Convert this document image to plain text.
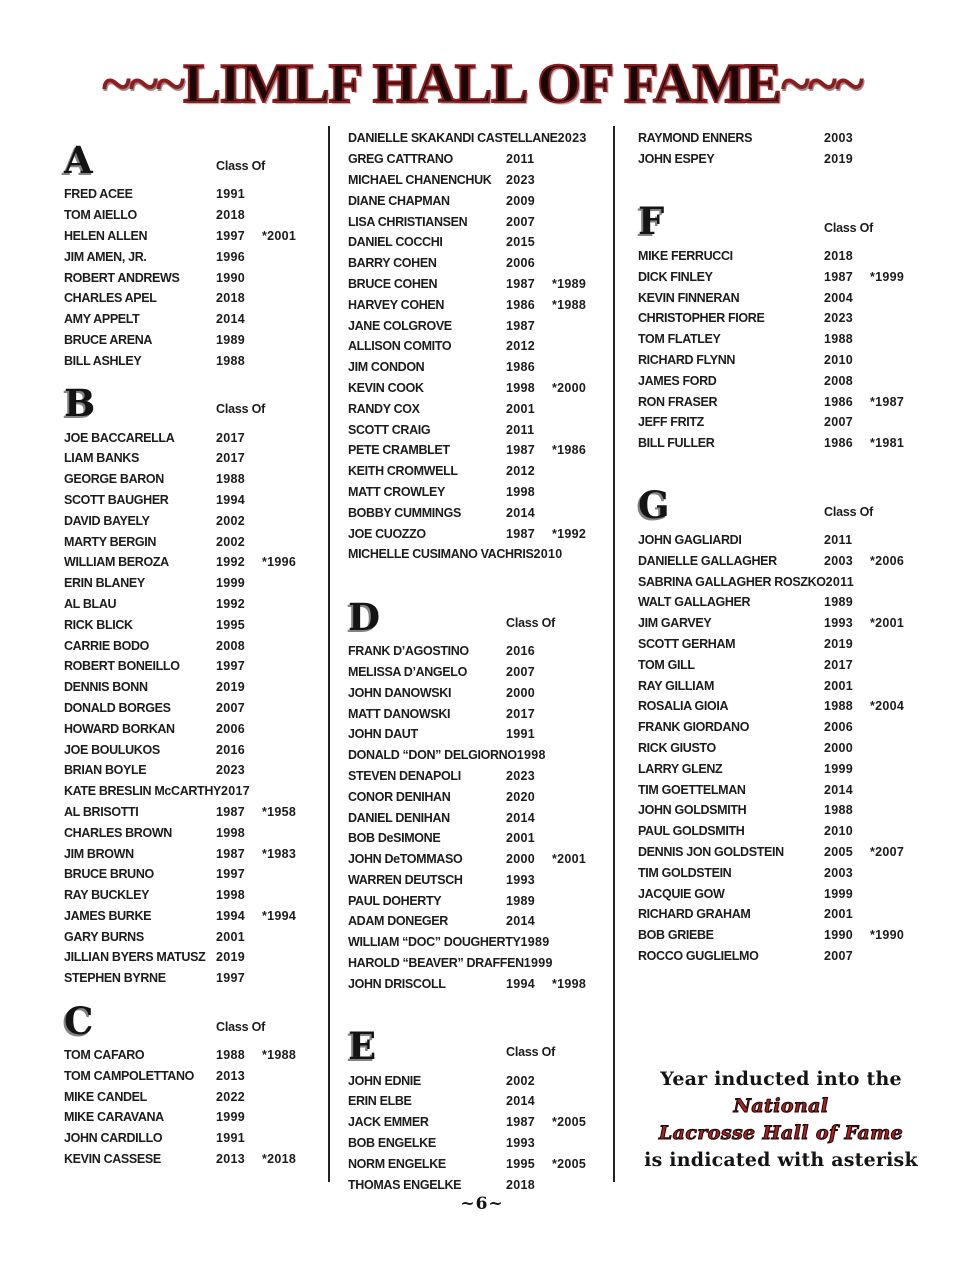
~~~LIMLF HALL OF FAME~~~
A	Class Of
FRED ACEE	1991
TOM AIELLO	2018
HELEN ALLEN	1997	*2001
JIM AMEN, JR.	1996
ROBERT ANDREWS	1990
CHARLES APEL	2018
AMY APPELT	2014
BRUCE ARENA	1989
BILL ASHLEY	1988
B	Class Of
JOE BACCARELLA	2017
LIAM BANKS	2017
GEORGE BARON	1988
SCOTT BAUGHER	1994
DAVID BAYELY	2002
MARTY BERGIN	2002
WILLIAM BEROZA	1992	*1996
ERIN BLANEY	1999
AL BLAU	1992
RICK BLICK	1995
CARRIE BODO	2008
ROBERT BONEILLO	1997
DENNIS BONN	2019
DONALD BORGES	2007
HOWARD BORKAN	2006
JOE BOULUKOS	2016
BRIAN BOYLE	2023
KATE BRESLIN McCARTHY 2017
AL BRISOTTI	1987	*1958
CHARLES BROWN	1998
JIM BROWN	1987	*1983
BRUCE BRUNO	1997
RAY BUCKLEY	1998
JAMES BURKE	1994	*1994
GARY BURNS	2001
JILLIAN BYERS MATUSZ 2019
STEPHEN BYRNE	1997
C	Class Of
TOM CAFARO	1988	*1988
TOM CAMPOLETTANO	2013
MIKE CANDEL	2022
MIKE CARAVANA	1999
JOHN CARDILLO	1991
KEVIN CASSESE	2013	*2018
DANIELLE SKAKANDI CASTELLANE 2023
GREG CATTRANO	2011
MICHAEL CHANENCHUK	2023
DIANE CHAPMAN	2009
LISA CHRISTIANSEN	2007
DANIEL COCCHI	2015
BARRY COHEN	2006
BRUCE COHEN	1987	*1989
HARVEY COHEN	1986	*1988
JANE COLGROVE	1987
ALLISON COMITO	2012
JIM CONDON	1986
KEVIN COOK	1998	*2000
RANDY COX	2001
SCOTT CRAIG	2011
PETE CRAMBLET	1987	*1986
KEITH CROMWELL	2012
MATT CROWLEY	1998
BOBBY CUMMINGS	2014
JOE CUOZZO	1987	*1992
MICHELLE CUSIMANO VACHRIS 2010
D	Class Of
FRANK D’AGOSTINO	2016
MELISSA D’ANGELO	2007
JOHN DANOWSKI	2000
MATT DANOWSKI	2017
JOHN DAUT	1991
DONALD “DON” DELGIORNO 1998
STEVEN DENAPOLI	2023
CONOR DENIHAN	2020
DANIEL DENIHAN	2014
BOB DeSIMONE	2001
JOHN DeTOMMASO	2000	*2001
WARREN DEUTSCH	1993
PAUL DOHERTY	1989
ADAM DONEGER	2014
WILLIAM “DOC” DOUGHERTY 1989
HAROLD “BEAVER” DRAFFEN 1999
JOHN DRISCOLL	1994	*1998
E	Class Of
JOHN EDNIE	2002
ERIN ELBE	2014
JACK EMMER	1987	*2005
BOB ENGELKE	1993
NORM ENGELKE	1995	*2005
THOMAS ENGELKE	2018
RAYMOND ENNERS	2003
JOHN ESPEY	2019
F	Class Of
MIKE FERRUCCI	2018
DICK FINLEY	1987	*1999
KEVIN FINNERAN	2004
CHRISTOPHER FIORE	2023
TOM FLATLEY	1988
RICHARD FLYNN	2010
JAMES FORD	2008
RON FRASER	1986	*1987
JEFF FRITZ	2007
BILL FULLER	1986	*1981
G	Class Of
JOHN GAGLIARDI	2011
DANIELLE GALLAGHER	2003	*2006
SABRINA GALLAGHER ROSZKO 2011
WALT GALLAGHER	1989
JIM GARVEY	1993	*2001
SCOTT GERHAM	2019
TOM GILL	2017
RAY GILLIAM	2001
ROSALIA GIOIA	1988	*2004
FRANK GIORDANO	2006
RICK GIUSTO	2000
LARRY GLENZ	1999
TIM GOETTELMAN	2014
JOHN GOLDSMITH	1988
PAUL GOLDSMITH	2010
DENNIS JON GOLDSTEIN	2005	*2007
TIM GOLDSTEIN	2003
JACQUIE GOW	1999
RICHARD GRAHAM	2001
BOB GRIEBE	1990	*1990
ROCCO GUGLIELMO	2007
Year inducted into the
National
Lacrosse Hall of Fame
is indicated with asterisk
~6~
